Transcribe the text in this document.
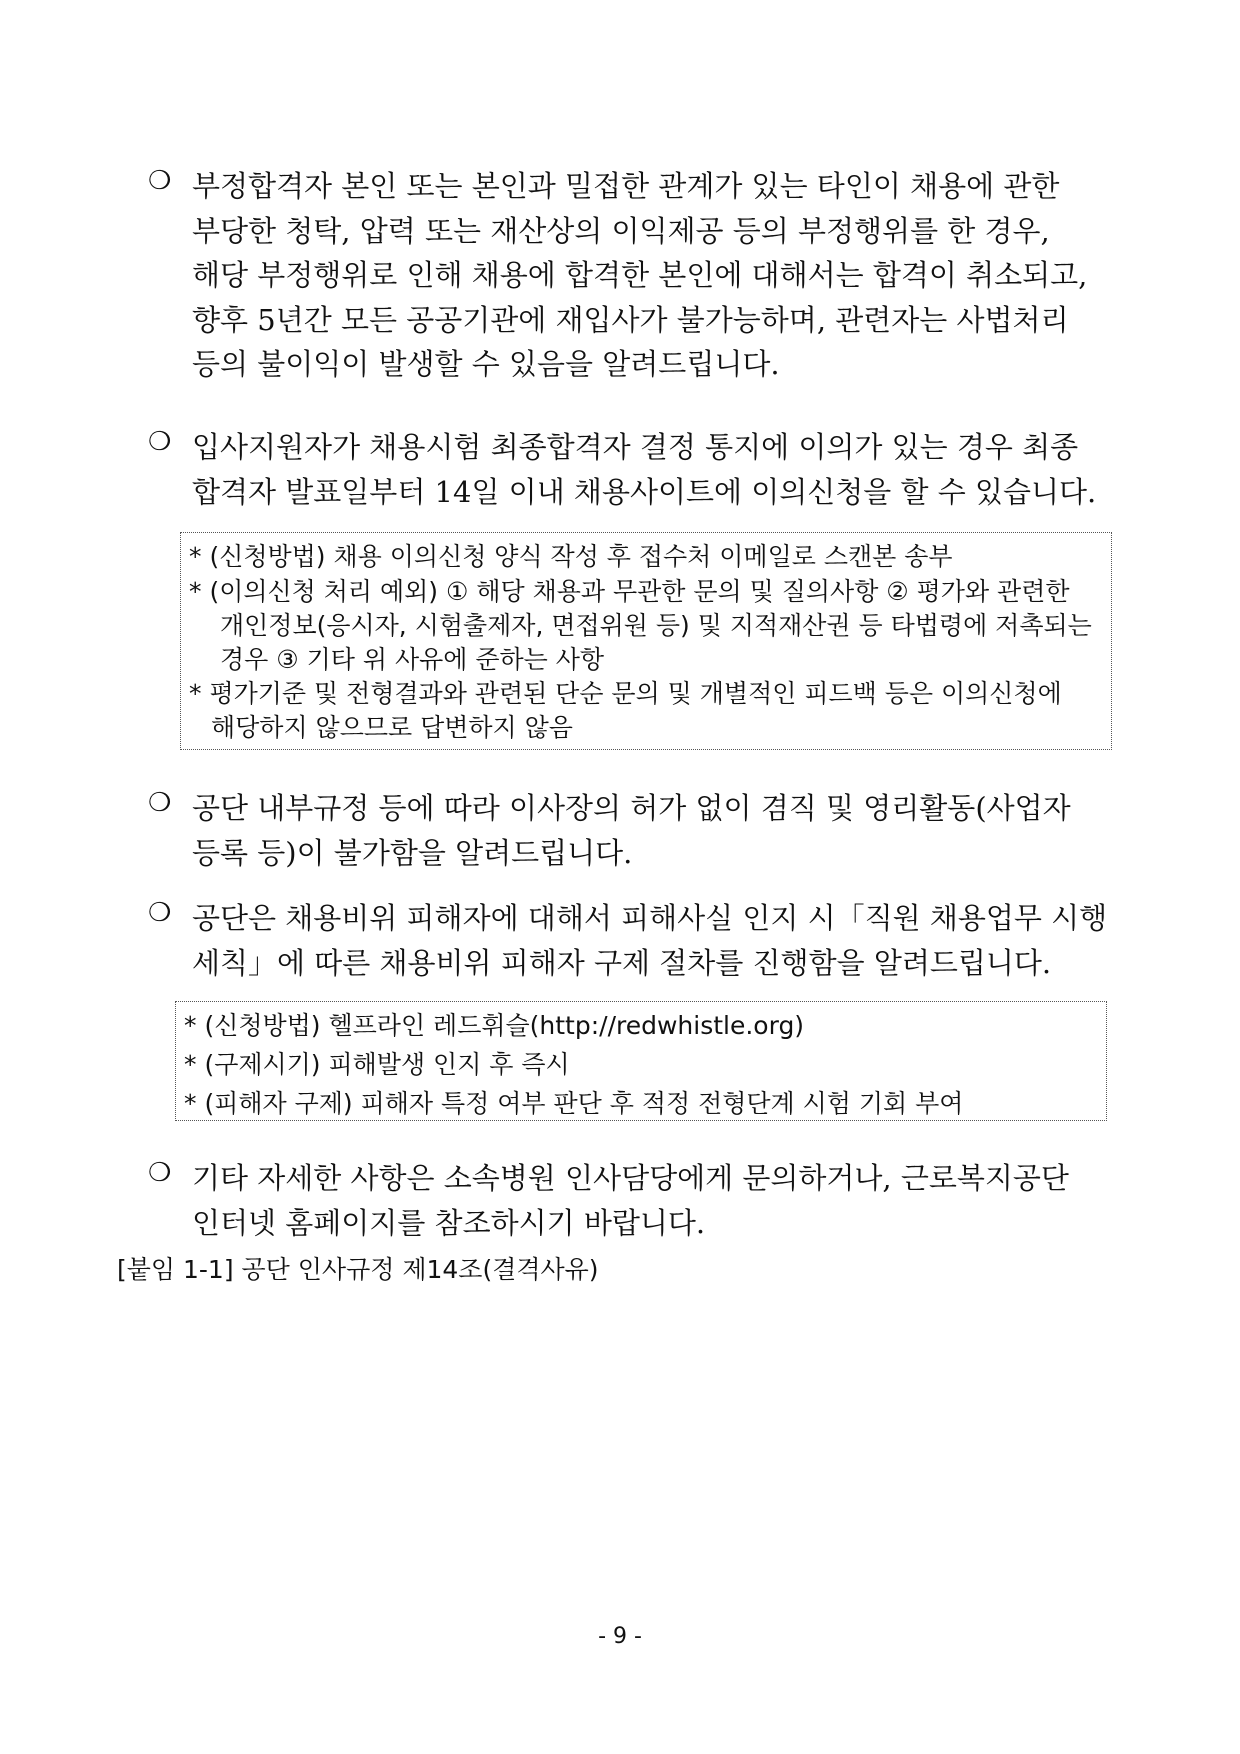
❍ 부정합격자 본인 또는 본인과 밀접한 관계가 있는 타인이 채용에 관한
부당한 청탁, 압력 또는 재산상의 이익제공 등의 부정행위를 한 경우,
해당 부정행위로 인해 채용에 합격한 본인에 대해서는 합격이 취소되고,
향후 5년간 모든 공공기관에 재입사가 불가능하며, 관련자는 사법처리
등의 불이익이 발생할 수 있음을 알려드립니다.
❍ 입사지원자가 채용시험 최종합격자 결정 통지에 이의가 있는 경우 최종
합격자 발표일부터 14일 이내 채용사이트에 이의신청을 할 수 있습니다.
* (신청방법) 채용 이의신청 양식 작성 후 접수처 이메일로 스캔본 송부
* (이의신청 처리 예외) ① 해당 채용과 무관한 문의 및 질의사항 ② 평가와 관련한
개인정보(응시자, 시험출제자, 면접위원 등) 및 지적재산권 등 타법령에 저촉되는
경우 ③ 기타 위 사유에 준하는 사항
* 평가기준 및 전형결과와 관련된 단순 문의 및 개별적인 피드백 등은 이의신청에
해당하지 않으므로 답변하지 않음
❍ 공단 내부규정 등에 따라 이사장의 허가 없이 겸직 및 영리활동(사업자
등록 등)이 불가함을 알려드립니다.
❍ 공단은 채용비위 피해자에 대해서 피해사실 인지 시「직원 채용업무 시행
세칙」에 따른 채용비위 피해자 구제 절차를 진행함을 알려드립니다.
* (신청방법) 헬프라인 레드휘슬(http://redwhistle.org)
* (구제시기) 피해발생 인지 후 즉시
* (피해자 구제) 피해자 특정 여부 판단 후 적정 전형단계 시험 기회 부여
❍ 기타 자세한 사항은 소속병원 인사담당에게 문의하거나, 근로복지공단
인터넷 홈페이지를 참조하시기 바랍니다.
[붙임 1-1] 공단 인사규정 제14조(결격사유)
- 9 -
